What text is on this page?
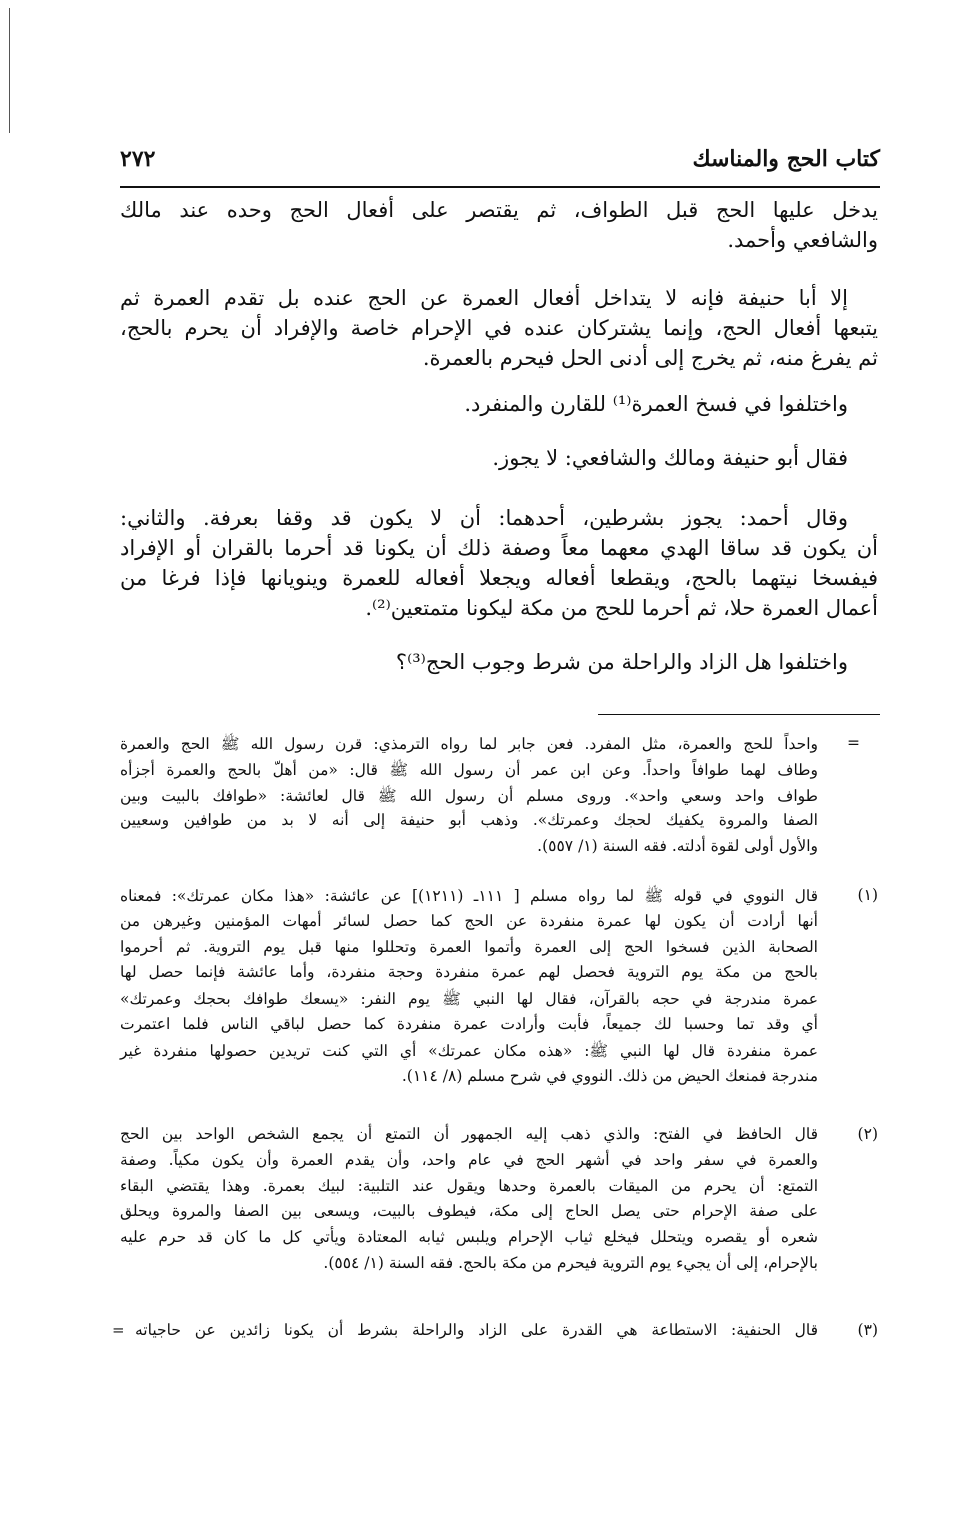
كتاب الحج والمناسك
٢٧٢
يدخل عليها الحج قبل الطواف، ثم يقتصر على أفعال الحج وحده عند مالك
والشافعي وأحمد.
إلا أبا حنيفة فإنه لا يتداخل أفعال العمرة عن الحج عنده بل تقدم العمرة ثم
يتبعها أفعال الحج، وإنما يشتركان عنده في الإحرام خاصة والإفراد أن يحرم بالحج،
ثم يفرغ منه، ثم يخرج إلى أدنى الحل فيحرم بالعمرة.
واختلفوا في فسخ العمرة⁽¹⁾ للقارن والمنفرد.
فقال أبو حنيفة ومالك والشافعي: لا يجوز.
وقال أحمد: يجوز بشرطين، أحدهما: أن لا يكون قد وقفا بعرفة. والثاني:
أن يكون قد ساقا الهدي معهما معاً وصفة ذلك أن يكونا قد أحرما بالقران أو الإفراد
فيفسخا نيتهما بالحج، ويقطعا أفعاله ويجعلا أفعاله للعمرة وينويانها فإذا فرغا من
أعمال العمرة حلا، ثم أحرما للحج من مكة ليكونا متمتعين⁽²⁾.
واختلفوا هل الزاد والراحلة من شرط وجوب الحج⁽³⁾؟
=
واحداً للحج والعمرة، مثل المفرد. فعن جابر لما رواه الترمذي: قرن رسول الله ﷺ الحج والعمرة
وطاف لهما طوافاً واحداً. وعن ابن عمر أن رسول الله ﷺ قال: «من أهلّ بالحج والعمرة أجزأه
طواف واحد وسعي واحد». وروى مسلم أن رسول الله ﷺ قال لعائشة: «طوافك بالبيت وبين
الصفا والمروة يكفيك لحجك وعمرتك». وذهب أبو حنيفة إلى أنه لا بد من طوافين وسعيين
والأول أولى لقوة أدلته. فقه السنة (١/ ٥٥٧).
(١)
قال النووي في قوله ﷺ لما رواه مسلم [ ١١١ـ (١٢١١)] عن عائشة: «هذا مكان عمرتك»: فمعناه
أنها أرادت أن يكون لها عمرة منفردة عن الحج كما حصل لسائر أمهات المؤمنين وغيرهن من
الصحابة الذين فسخوا الحج إلى العمرة وأتموا العمرة وتحللوا منها قبل يوم التروية. ثم أحرموا
بالحج من مكة يوم التروية فحصل لهم عمرة منفردة وحجة منفردة، وأما عائشة فإنما حصل لها
عمرة مندرجة في حجه بالقرآن، فقال لها النبي ﷺ يوم النفر: «يسعك طوافك بحجك وعمرتك»
أي وقد تما وحسبا لك جميعاً، فأبت وأرادت عمرة منفردة كما حصل لباقي الناس فلما اعتمرت
عمرة منفردة قال لها النبي ﷺ: «هذه مكان عمرتك» أي التي كنت تريدين حصولها منفردة غير
مندرجة فمنعك الحيض من ذلك. النووي في شرح مسلم (٨/ ١١٤).
(٢)
قال الحافظ في الفتح: والذي ذهب إليه الجمهور أن التمتع أن يجمع الشخص الواحد بين الحج
والعمرة في سفر واحد في أشهر الحج في عام واحد، وأن يقدم العمرة وأن يكون مكياً. وصفة
التمتع: أن يحرم من الميقات بالعمرة وحدها ويقول عند التلبية: لبيك بعمرة. وهذا يقتضي البقاء
على صفة الإحرام حتى يصل الحاج إلى مكة، فيطوف بالبيت، ويسعى بين الصفا والمروة ويحلق
شعره أو يقصره ويتحلل فيخلع ثياب الإحرام ويلبس ثيابه المعتادة ويأتي كل ما كان قد حرم عليه
بالإحرام، إلى أن يجيء يوم التروية فيحرم من مكة بالحج. فقه السنة (١/ ٥٥٤).
(٣)
قال الحنفية: الاستطاعة هي القدرة على الزاد والراحلة بشرط أن يكونا زائدين عن حاجياته
=
